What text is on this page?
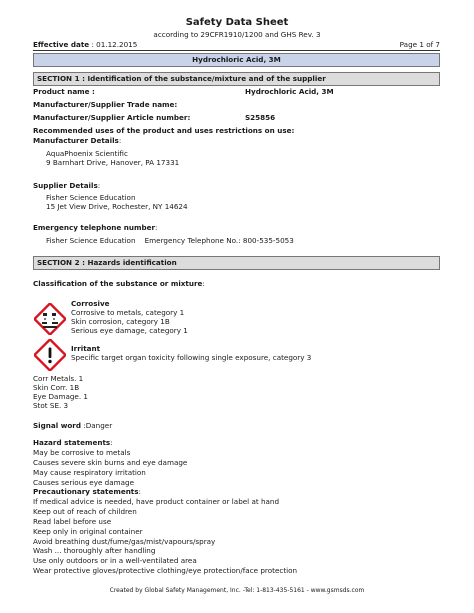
Safety Data Sheet
according to 29CFR1910/1200 and GHS Rev. 3
Effective date : 01.12.2015	Page 1 of 7
Hydrochloric Acid, 3M
SECTION 1 : Identification of the substance/mixture and of the supplier
Product name :	Hydrochloric Acid, 3M
Manufacturer/Supplier Trade name:
Manufacturer/Supplier Article number:	S25856
Recommended uses of the product and uses restrictions on use:
Manufacturer Details:
AquaPhoenix Scientific
9 Barnhart Drive, Hanover, PA 17331
Supplier Details:
Fisher Science Education
15 Jet View Drive, Rochester, NY 14624
Emergency telephone number:
Fisher Science Education    Emergency Telephone No.: 800-535-5053
SECTION 2 : Hazards identification
Classification of the substance or mixture:
Corrosive
Corrosive to metals, category 1
Skin corrosion, category 1B
Serious eye damage, category 1
Irritant
Specific target organ toxicity following single exposure, category 3
Corr Metals. 1
Skin Corr. 1B
Eye Damage. 1
Stot SE. 3
Signal word :Danger
Hazard statements:
May be corrosive to metals
Causes severe skin burns and eye damage
May cause respiratory irritation
Causes serious eye damage
Precautionary statements:
If medical advice is needed, have product container or label at hand
Keep out of reach of children
Read label before use
Keep only in original container
Avoid breathing dust/fume/gas/mist/vapours/spray
Wash ... thoroughly after handling
Use only outdoors or in a well-ventilated area
Wear protective gloves/protective clothing/eye protection/face protection
Created by Global Safety Management, Inc. -Tel: 1-813-435-5161 - www.gsmsds.com
